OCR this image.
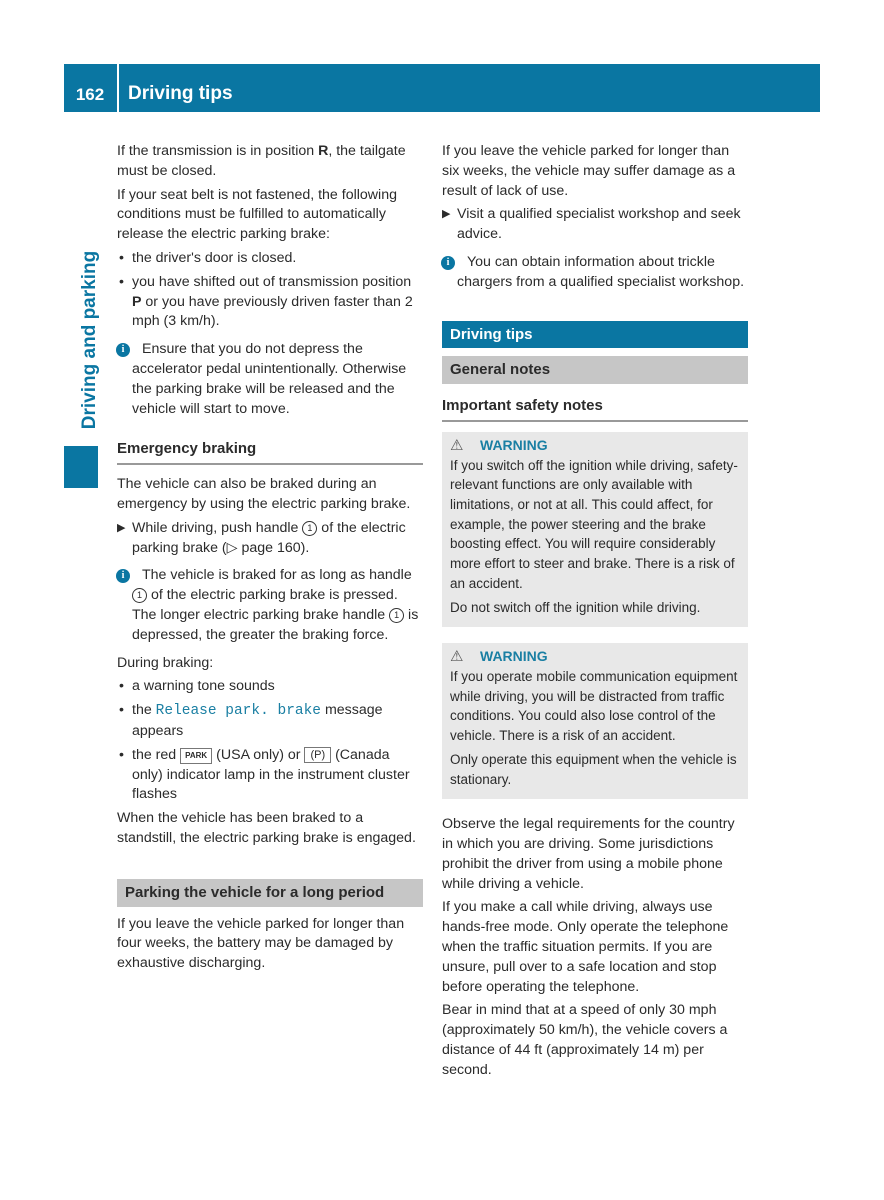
162	Driving tips
Driving and parking

If the transmission is in position R, the tailgate must be closed.

If your seat belt is not fastened, the following conditions must be fulfilled to automatically release the electric parking brake:

• the driver's door is closed.
• you have shifted out of transmission position P or you have previously driven faster than 2 mph (3 km/h).
i	Ensure that you do not depress the accelerator pedal unintentionally. Otherwise the parking brake will be released and the vehicle will start to move.
Emergency braking

The vehicle can also be braked during an emergency by using the electric parking brake.

▶ While driving, push handle 1 of the electric parking brake (▷ page 160).
i	The vehicle is braked for as long as handle 1 of the electric parking brake is pressed. The longer electric parking brake handle 1 is depressed, the greater the braking force.

During braking:

• a warning tone sounds
• the Release park. brake message appears
• the red PARK (USA only) or (P) (Canada only) indicator lamp in the instrument cluster flashes

When the vehicle has been braked to a standstill, the electric parking brake is engaged.

Parking the vehicle for a long period

If you leave the vehicle parked for longer than four weeks, the battery may be damaged by exhaustive discharging.

If you leave the vehicle parked for longer than six weeks, the vehicle may suffer damage as a result of lack of use.

▶ Visit a qualified specialist workshop and seek advice.
i	You can obtain information about trickle chargers from a qualified specialist workshop.
Driving tips
General notes
Important safety notes
⚠ WARNING

If you switch off the ignition while driving, safety-relevant functions are only available with limitations, or not at all. This could affect, for example, the power steering and the brake boosting effect. You will require considerably more effort to steer and brake. There is a risk of an accident.

Do not switch off the ignition while driving.

⚠ WARNING

If you operate mobile communication equipment while driving, you will be distracted from traffic conditions. You could also lose control of the vehicle. There is a risk of an accident.

Only operate this equipment when the vehicle is stationary.

Observe the legal requirements for the country in which you are driving. Some jurisdictions prohibit the driver from using a mobile phone while driving a vehicle.

If you make a call while driving, always use hands-free mode. Only operate the telephone when the traffic situation permits. If you are unsure, pull over to a safe location and stop before operating the telephone.

Bear in mind that at a speed of only 30 mph (approximately 50 km/h), the vehicle covers a distance of 44 ft (approximately 14 m) per second.
